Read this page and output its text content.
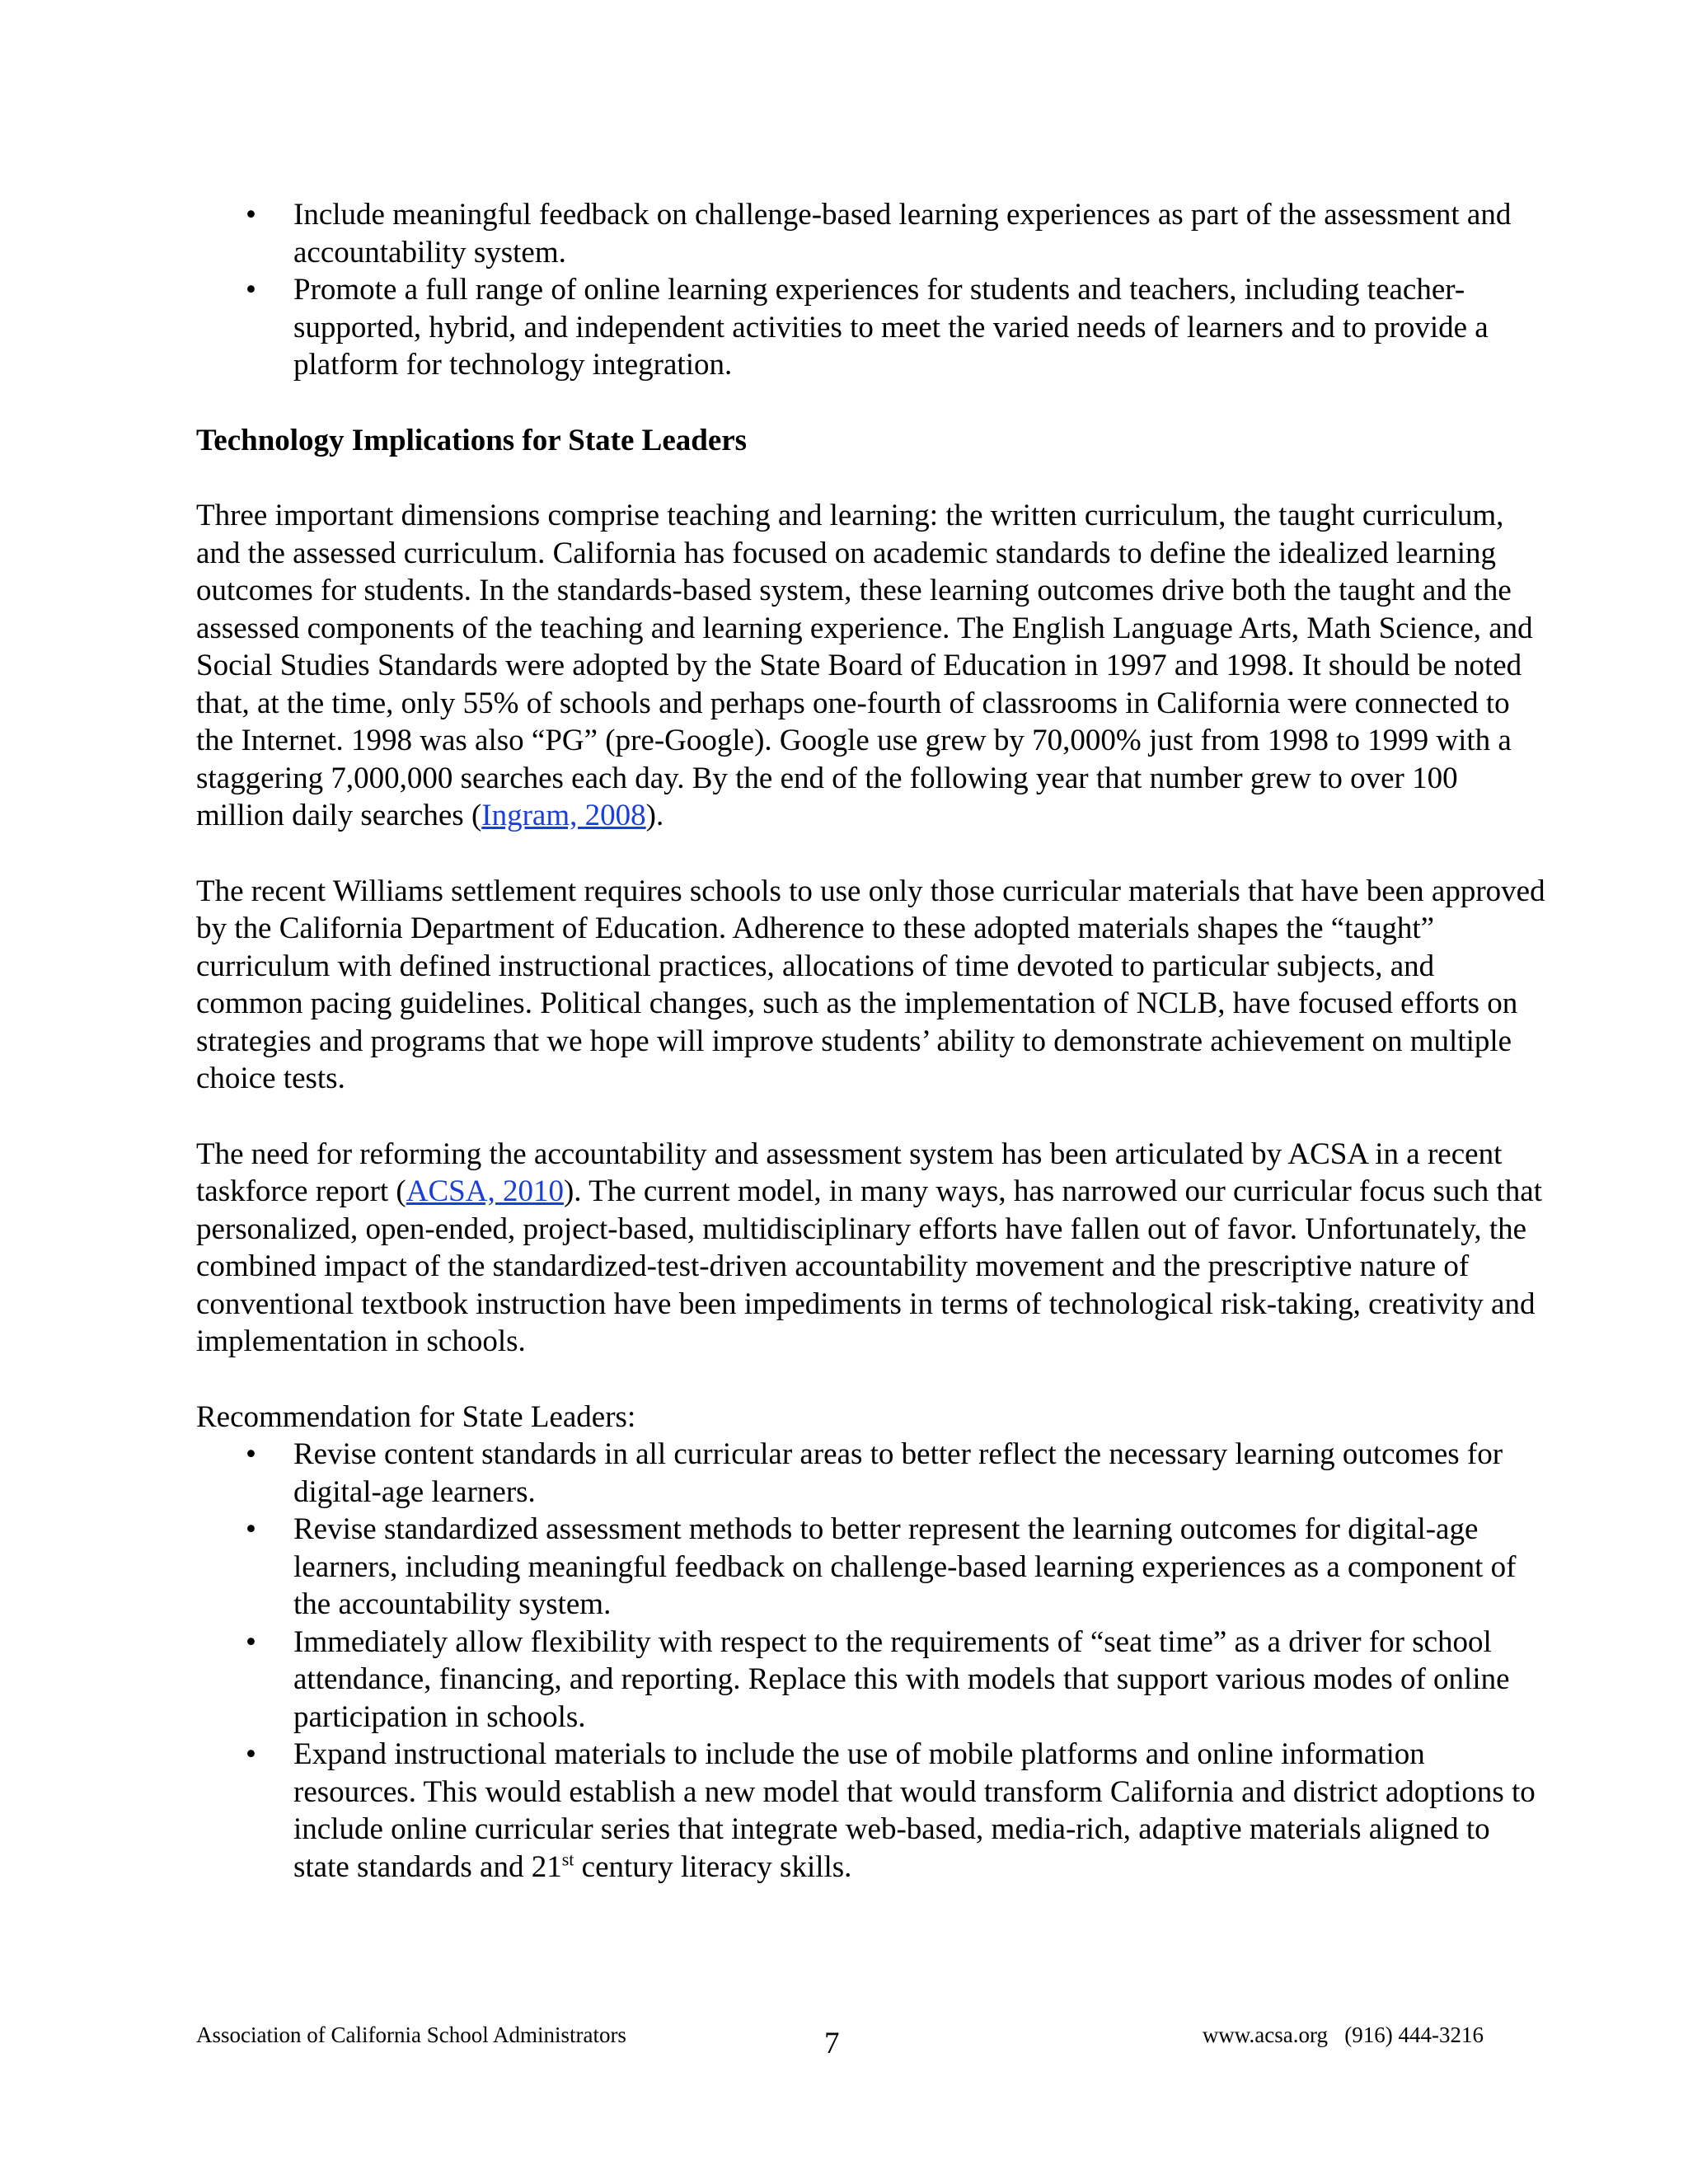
• Include meaningful feedback on challenge-based learning experiences as part of the assessment and accountability system.
• Promote a full range of online learning experiences for students and teachers, including teacher-supported, hybrid, and independent activities to meet the varied needs of learners and to provide a platform for technology integration.

Technology Implications for State Leaders

Three important dimensions comprise teaching and learning: the written curriculum, the taught curriculum, and the assessed curriculum. California has focused on academic standards to define the idealized learning outcomes for students. In the standards-based system, these learning outcomes drive both the taught and the assessed components of the teaching and learning experience. The English Language Arts, Math Science, and Social Studies Standards were adopted by the State Board of Education in 1997 and 1998. It should be noted that, at the time, only 55% of schools and perhaps one-fourth of classrooms in California were connected to the Internet. 1998 was also “PG” (pre-Google). Google use grew by 70,000% just from 1998 to 1999 with a staggering 7,000,000 searches each day. By the end of the following year that number grew to over 100 million daily searches (Ingram, 2008).

The recent Williams settlement requires schools to use only those curricular materials that have been approved by the California Department of Education. Adherence to these adopted materials shapes the “taught” curriculum with defined instructional practices, allocations of time devoted to particular subjects, and common pacing guidelines. Political changes, such as the implementation of NCLB, have focused efforts on strategies and programs that we hope will improve students’ ability to demonstrate achievement on multiple choice tests.

The need for reforming the accountability and assessment system has been articulated by ACSA in a recent taskforce report (ACSA, 2010). The current model, in many ways, has narrowed our curricular focus such that personalized, open-ended, project-based, multidisciplinary efforts have fallen out of favor. Unfortunately, the combined impact of the standardized-test-driven accountability movement and the prescriptive nature of conventional textbook instruction have been impediments in terms of technological risk-taking, creativity and implementation in schools.

Recommendation for State Leaders:

• Revise content standards in all curricular areas to better reflect the necessary learning outcomes for digital-age learners.
• Revise standardized assessment methods to better represent the learning outcomes for digital-age learners, including meaningful feedback on challenge-based learning experiences as a component of the accountability system.
• Immediately allow flexibility with respect to the requirements of “seat time” as a driver for school attendance, financing, and reporting. Replace this with models that support various modes of online participation in schools.
• Expand instructional materials to include the use of mobile platforms and online information resources. This would establish a new model that would transform California and district adoptions to include online curricular series that integrate web-based, media-rich, adaptive materials aligned to state standards and 21st century literacy skills.
Association of California School Administrators	7	www.acsa.org   (916) 444-3216
